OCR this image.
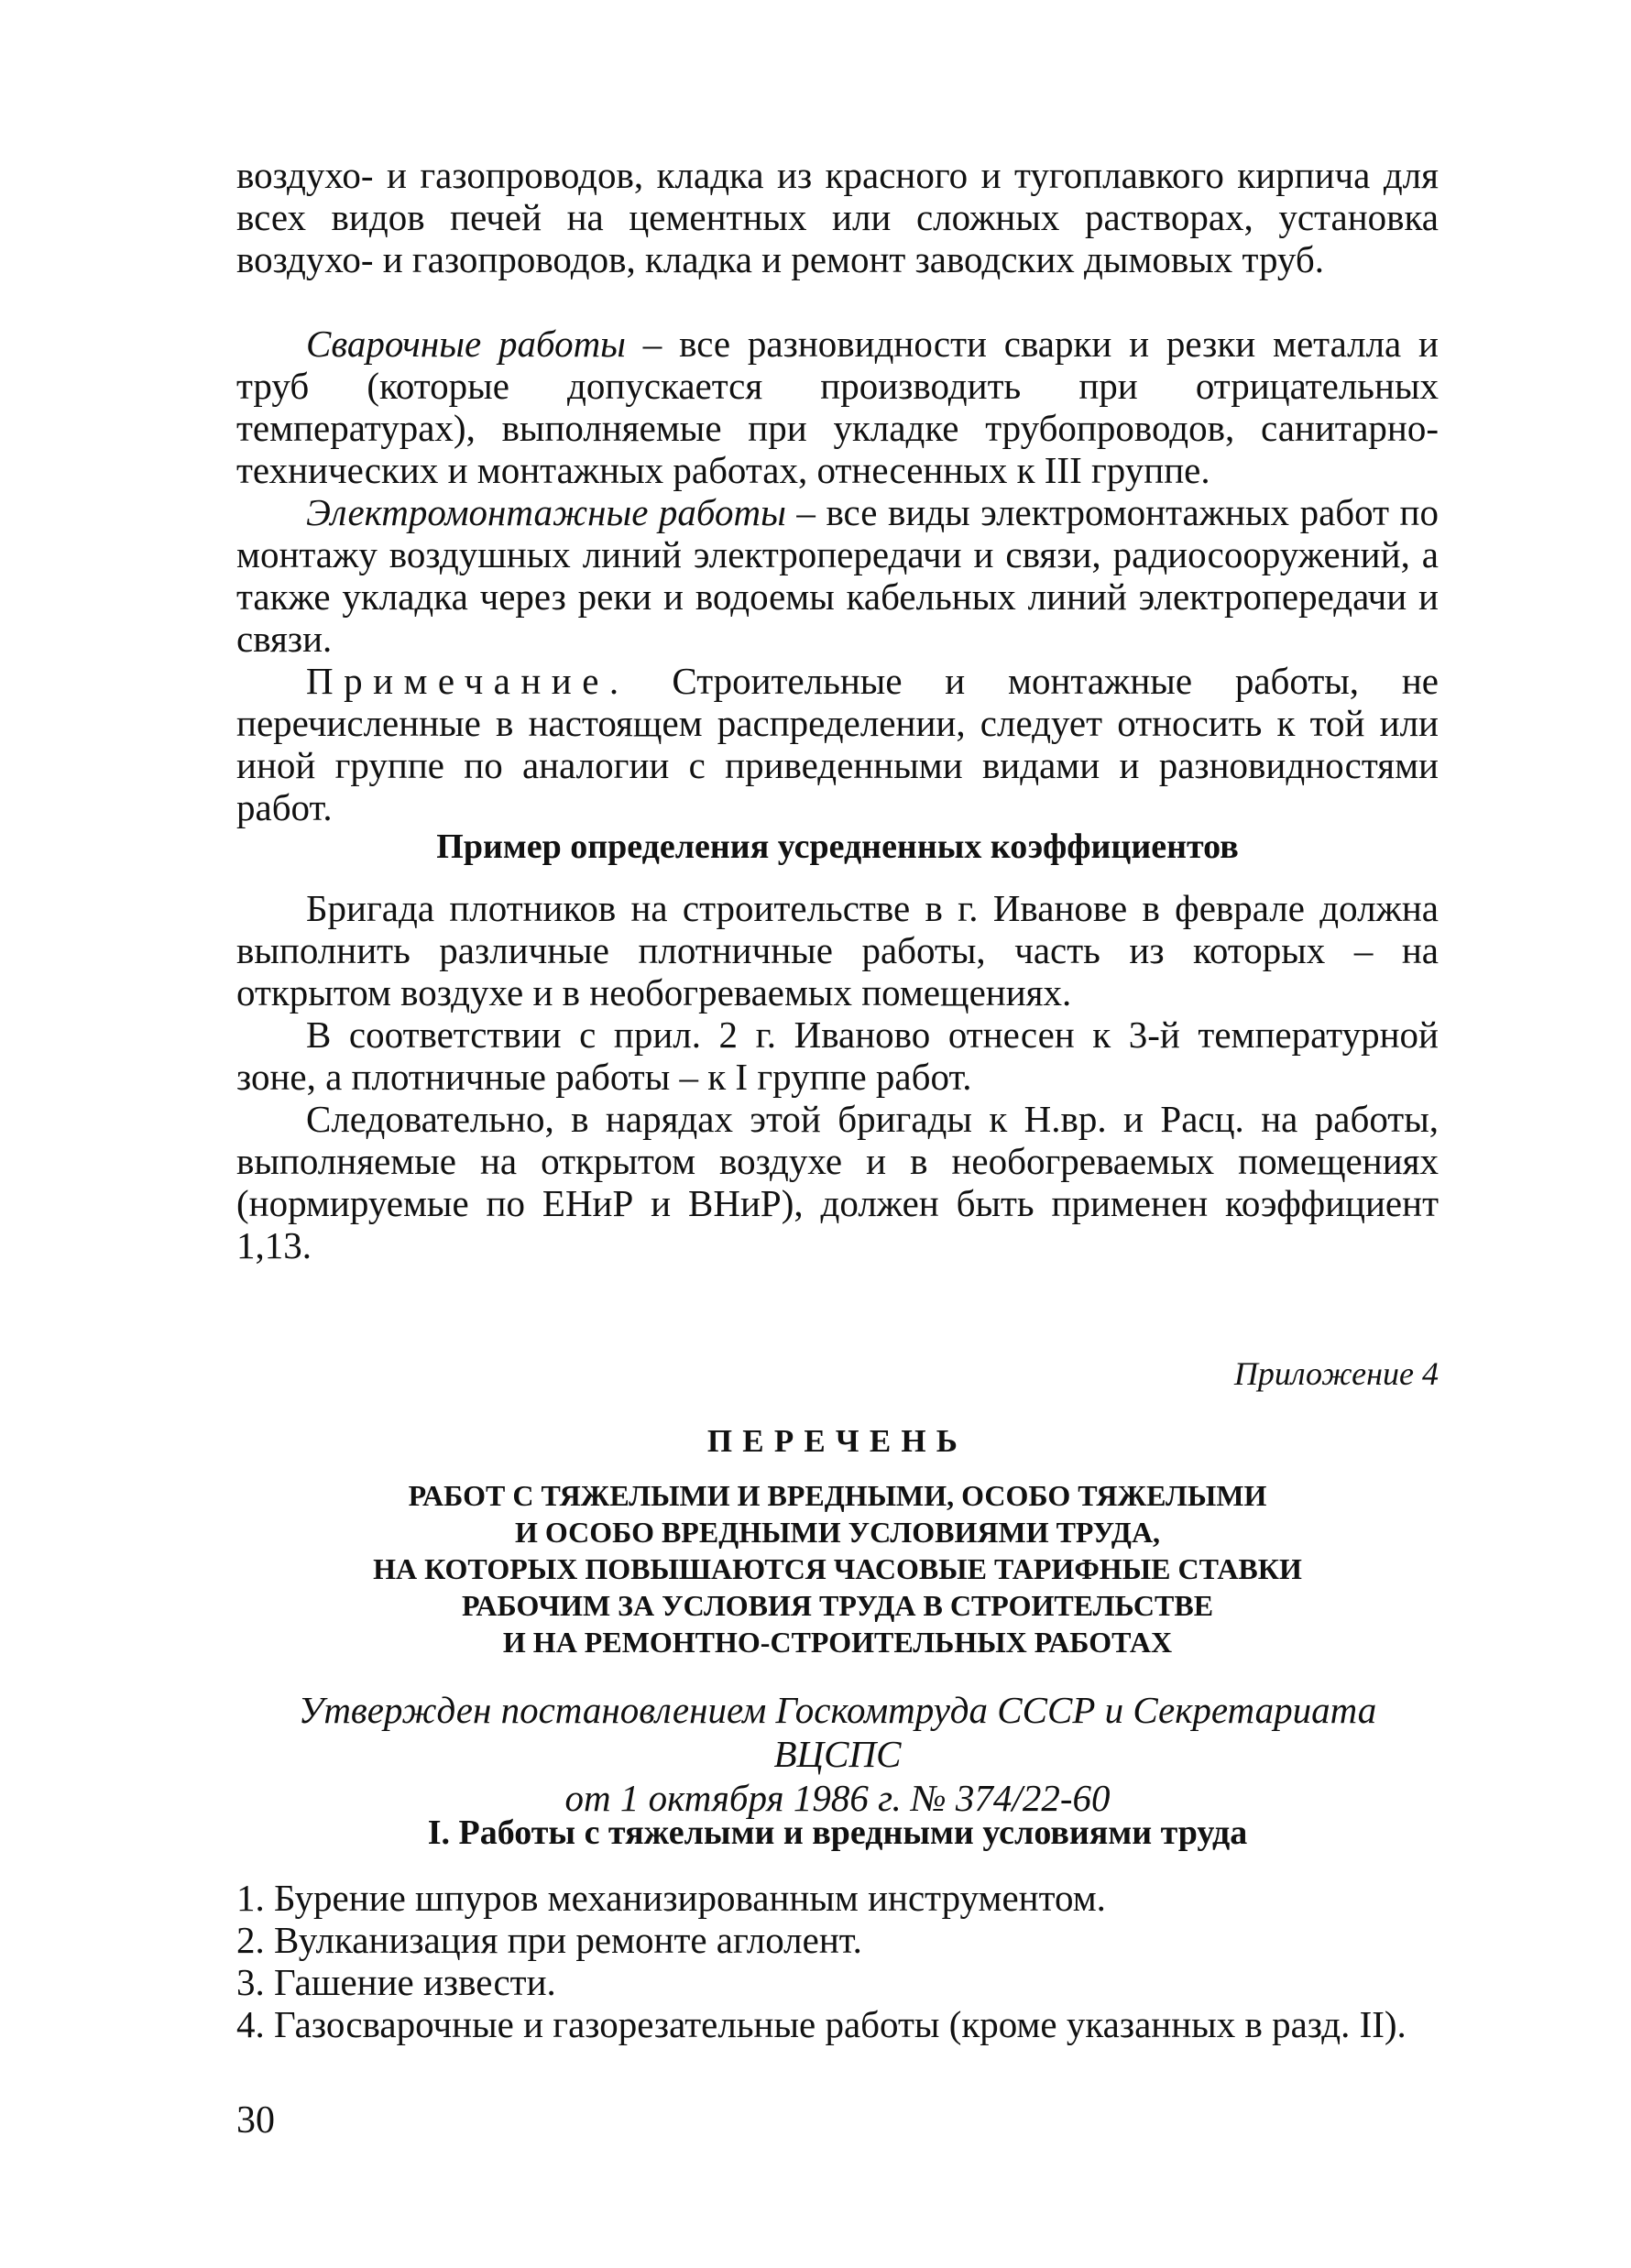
воздухо- и газопроводов, кладка из красного и тугоплавкого кирпича для всех видов печей на цементных или сложных растворах, установка воздухо- и газопроводов, кладка и ремонт заводских дымовых труб.

Сварочные работы – все разновидности сварки и резки металла и труб (которые допускается производить при отрицательных температурах), выполняемые при укладке трубопроводов, санитарно-технических и монтажных работах, отнесенных к III группе.

Электромонтажные работы – все виды электромонтажных работ по монтажу воздушных линий электропередачи и связи, радиосооружений, а также укладка через реки и водоемы кабельных линий электропередачи и связи.

Примечание. Строительные и монтажные работы, не перечисленные в настоящем распределении, следует относить к той или иной группе по аналогии с приведенными видами и разновидностями работ.

Пример определения усредненных коэффициентов

Бригада плотников на строительстве в г. Иванове в феврале должна выполнить различные плотничные работы, часть из которых – на открытом воздухе и в необогреваемых помещениях.

В соответствии с прил. 2 г. Иваново отнесен к 3-й температурной зоне, а плотничные работы – к I группе работ.

Следовательно, в нарядах этой бригады к Н.вр. и Расц. на работы, выполняемые на открытом воздухе и в необогреваемых помещениях (нормируемые по ЕНиР и ВНиР), должен быть применен коэффициент 1,13.

Приложение 4

ПЕРЕЧЕНЬ

РАБОТ С ТЯЖЕЛЫМИ И ВРЕДНЫМИ, ОСОБО ТЯЖЕЛЫМИ

И ОСОБО ВРЕДНЫМИ УСЛОВИЯМИ ТРУДА,

НА КОТОРЫХ ПОВЫШАЮТСЯ ЧАСОВЫЕ ТАРИФНЫЕ СТАВКИ

РАБОЧИМ ЗА УСЛОВИЯ ТРУДА В СТРОИТЕЛЬСТВЕ

И НА РЕМОНТНО-СТРОИТЕЛЬНЫХ РАБОТАХ

Утвержден постановлением Госкомтруда СССР и Секретариата ВЦСПС

от 1 октября 1986 г. № 374/22-60

I. Работы с тяжелыми и вредными условиями труда

1. Бурение шпуров механизированным инструментом.

2. Вулканизация при ремонте аглолент.

3. Гашение извести.

4. Газосварочные и газорезательные работы (кроме указанных в разд. II).

30
